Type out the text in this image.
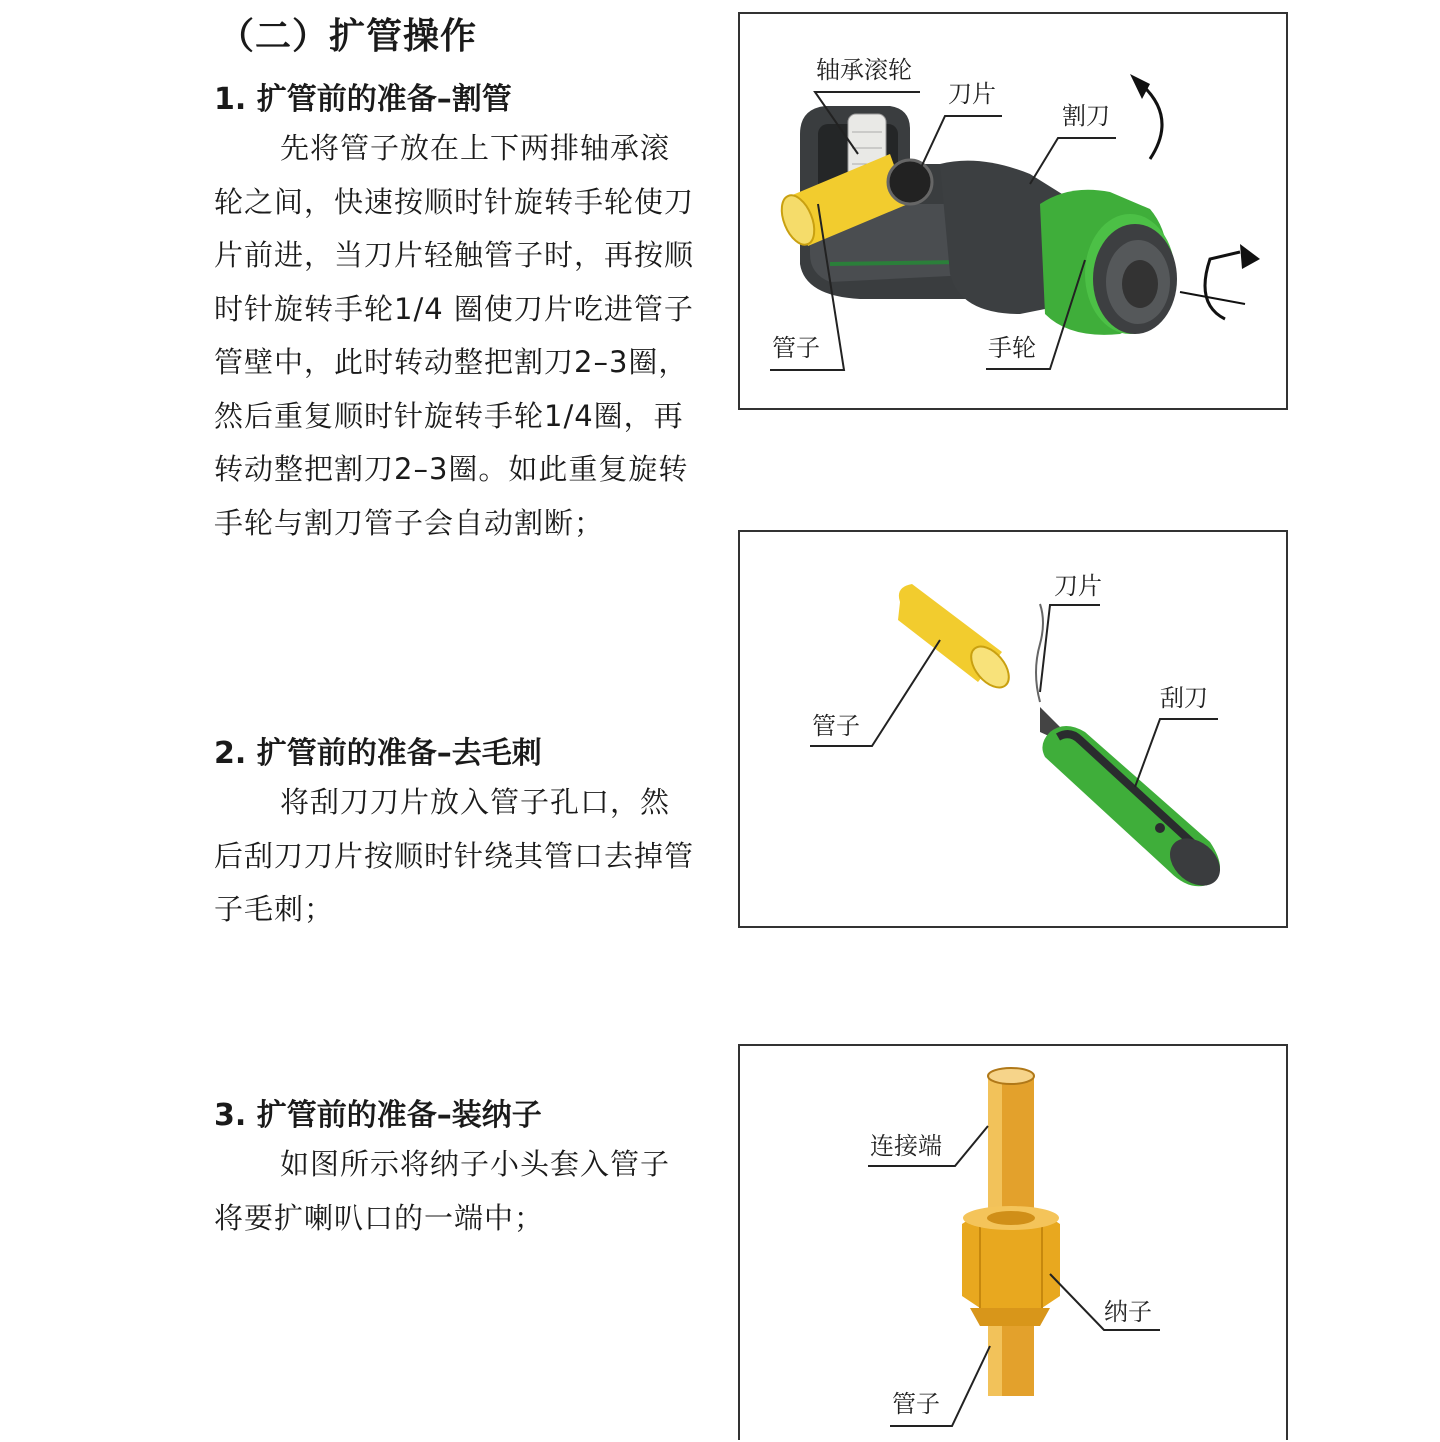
（二）扩管操作
1. 扩管前的准备–割管

先将管子放在上下两排轴承滚轮之间，快速按顺时针旋转手轮使刀片前进，当刀片轻触管子时，再按顺时针旋转手轮1/4 圈使刀片吃进管子管壁中，此时转动整把割刀2–3圈，然后重复顺时针旋转手轮1/4圈，再转动整把割刀2–3圈。如此重复旋转手轮与割刀管子会自动割断；

2. 扩管前的准备–去毛刺

将刮刀刀片放入管子孔口，然后刮刀刀片按顺时针绕其管口去掉管子毛刺；

3. 扩管前的准备–装纳子

如图所示将纳子小头套入管子将要扩喇叭口的一端中；

轴承滚轮
刀片
割刀
管子	手轮
刀片
刮刀
管子
连接端
纳子
管子
